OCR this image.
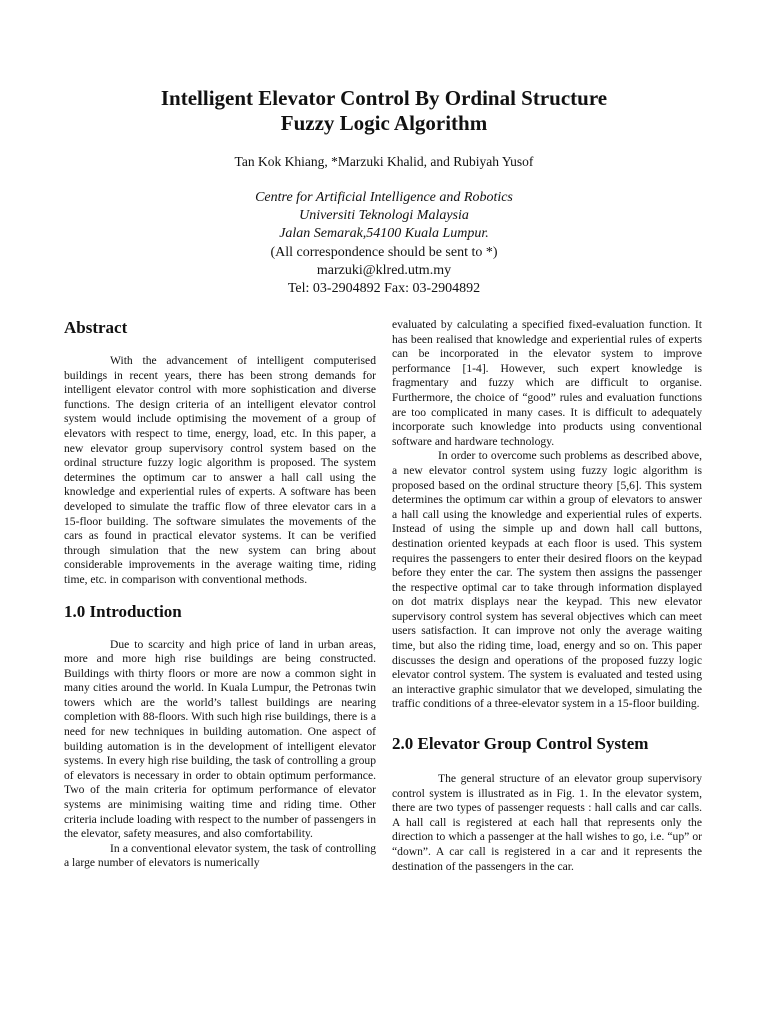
Intelligent Elevator Control By Ordinal Structure
Fuzzy Logic Algorithm
Tan Kok Khiang, *Marzuki Khalid, and Rubiyah Yusof
Centre for Artificial Intelligence and Robotics
Universiti Teknologi Malaysia
Jalan Semarak,54100 Kuala Lumpur.
(All correspondence should be sent to *)
marzuki@klred.utm.my
Tel: 03-2904892 Fax: 03-2904892
Abstract

With the advancement of intelligent computerised buildings in recent years, there has been strong demands for intelligent elevator control with more sophistication and diverse functions. The design criteria of an intelligent elevator control system would include optimising the movement of a group of elevators with respect to time, energy, load, etc. In this paper, a new elevator group supervisory control system based on the ordinal structure fuzzy logic algorithm is proposed. The system determines the optimum car to answer a hall call using the knowledge and experiential rules of experts. A software has been developed to simulate the traffic flow of three elevator cars in a 15-floor building. The software simulates the movements of the cars as found in practical elevator systems. It can be verified through simulation that the new system can bring about considerable improvements in the average waiting time, riding time, etc. in comparison with conventional methods.

1.0 Introduction

Due to scarcity and high price of land in urban areas, more and more high rise buildings are being constructed. Buildings with thirty floors or more are now a common sight in many cities around the world. In Kuala Lumpur, the Petronas twin towers which are the world’s tallest buildings are nearing completion with 88-floors. With such high rise buildings, there is a need for new techniques in building automation. One aspect of building automation is in the development of intelligent elevator systems. In every high rise building, the task of controlling a group of elevators is necessary in order to obtain optimum performance. Two of the main criteria for optimum performance of elevator systems are minimising waiting time and riding time. Other criteria include loading with respect to the number of passengers in the elevator, safety measures, and also comfortability.

In a conventional elevator system, the task of controlling a large number of elevators is numerically

evaluated by calculating a specified fixed-evaluation function. It has been realised that knowledge and experiential rules of experts can be incorporated in the elevator system to improve performance [1-4]. However, such expert knowledge is fragmentary and fuzzy which are difficult to organise. Furthermore, the choice of “good” rules and evaluation functions are too complicated in many cases. It is difficult to adequately incorporate such knowledge into products using conventional software and hardware technology.

In order to overcome such problems as described above, a new elevator control system using fuzzy logic algorithm is proposed based on the ordinal structure theory [5,6]. This system determines the optimum car within a group of elevators to answer a hall call using the knowledge and experiential rules of experts. Instead of using the simple up and down hall call buttons, destination oriented keypads at each floor is used. This system requires the passengers to enter their desired floors on the keypad before they enter the car. The system then assigns the passenger the respective optimal car to take through information displayed on dot matrix displays near the keypad. This new elevator supervisory control system has several objectives which can meet users satisfaction. It can improve not only the average waiting time, but also the riding time, load, energy and so on. This paper discusses the design and operations of the proposed fuzzy logic elevator control system. The system is evaluated and tested using an interactive graphic simulator that we developed, simulating the traffic conditions of a three-elevator system in a 15-floor building.

2.0 Elevator Group Control System

The general structure of an elevator group supervisory control system is illustrated as in Fig. 1. In the elevator system, there are two types of passenger requests : hall calls and car calls. A hall call is registered at each hall that represents only the direction to which a passenger at the hall wishes to go, i.e. “up” or “down”. A car call is registered in a car and it represents the destination of the passengers in the car.
